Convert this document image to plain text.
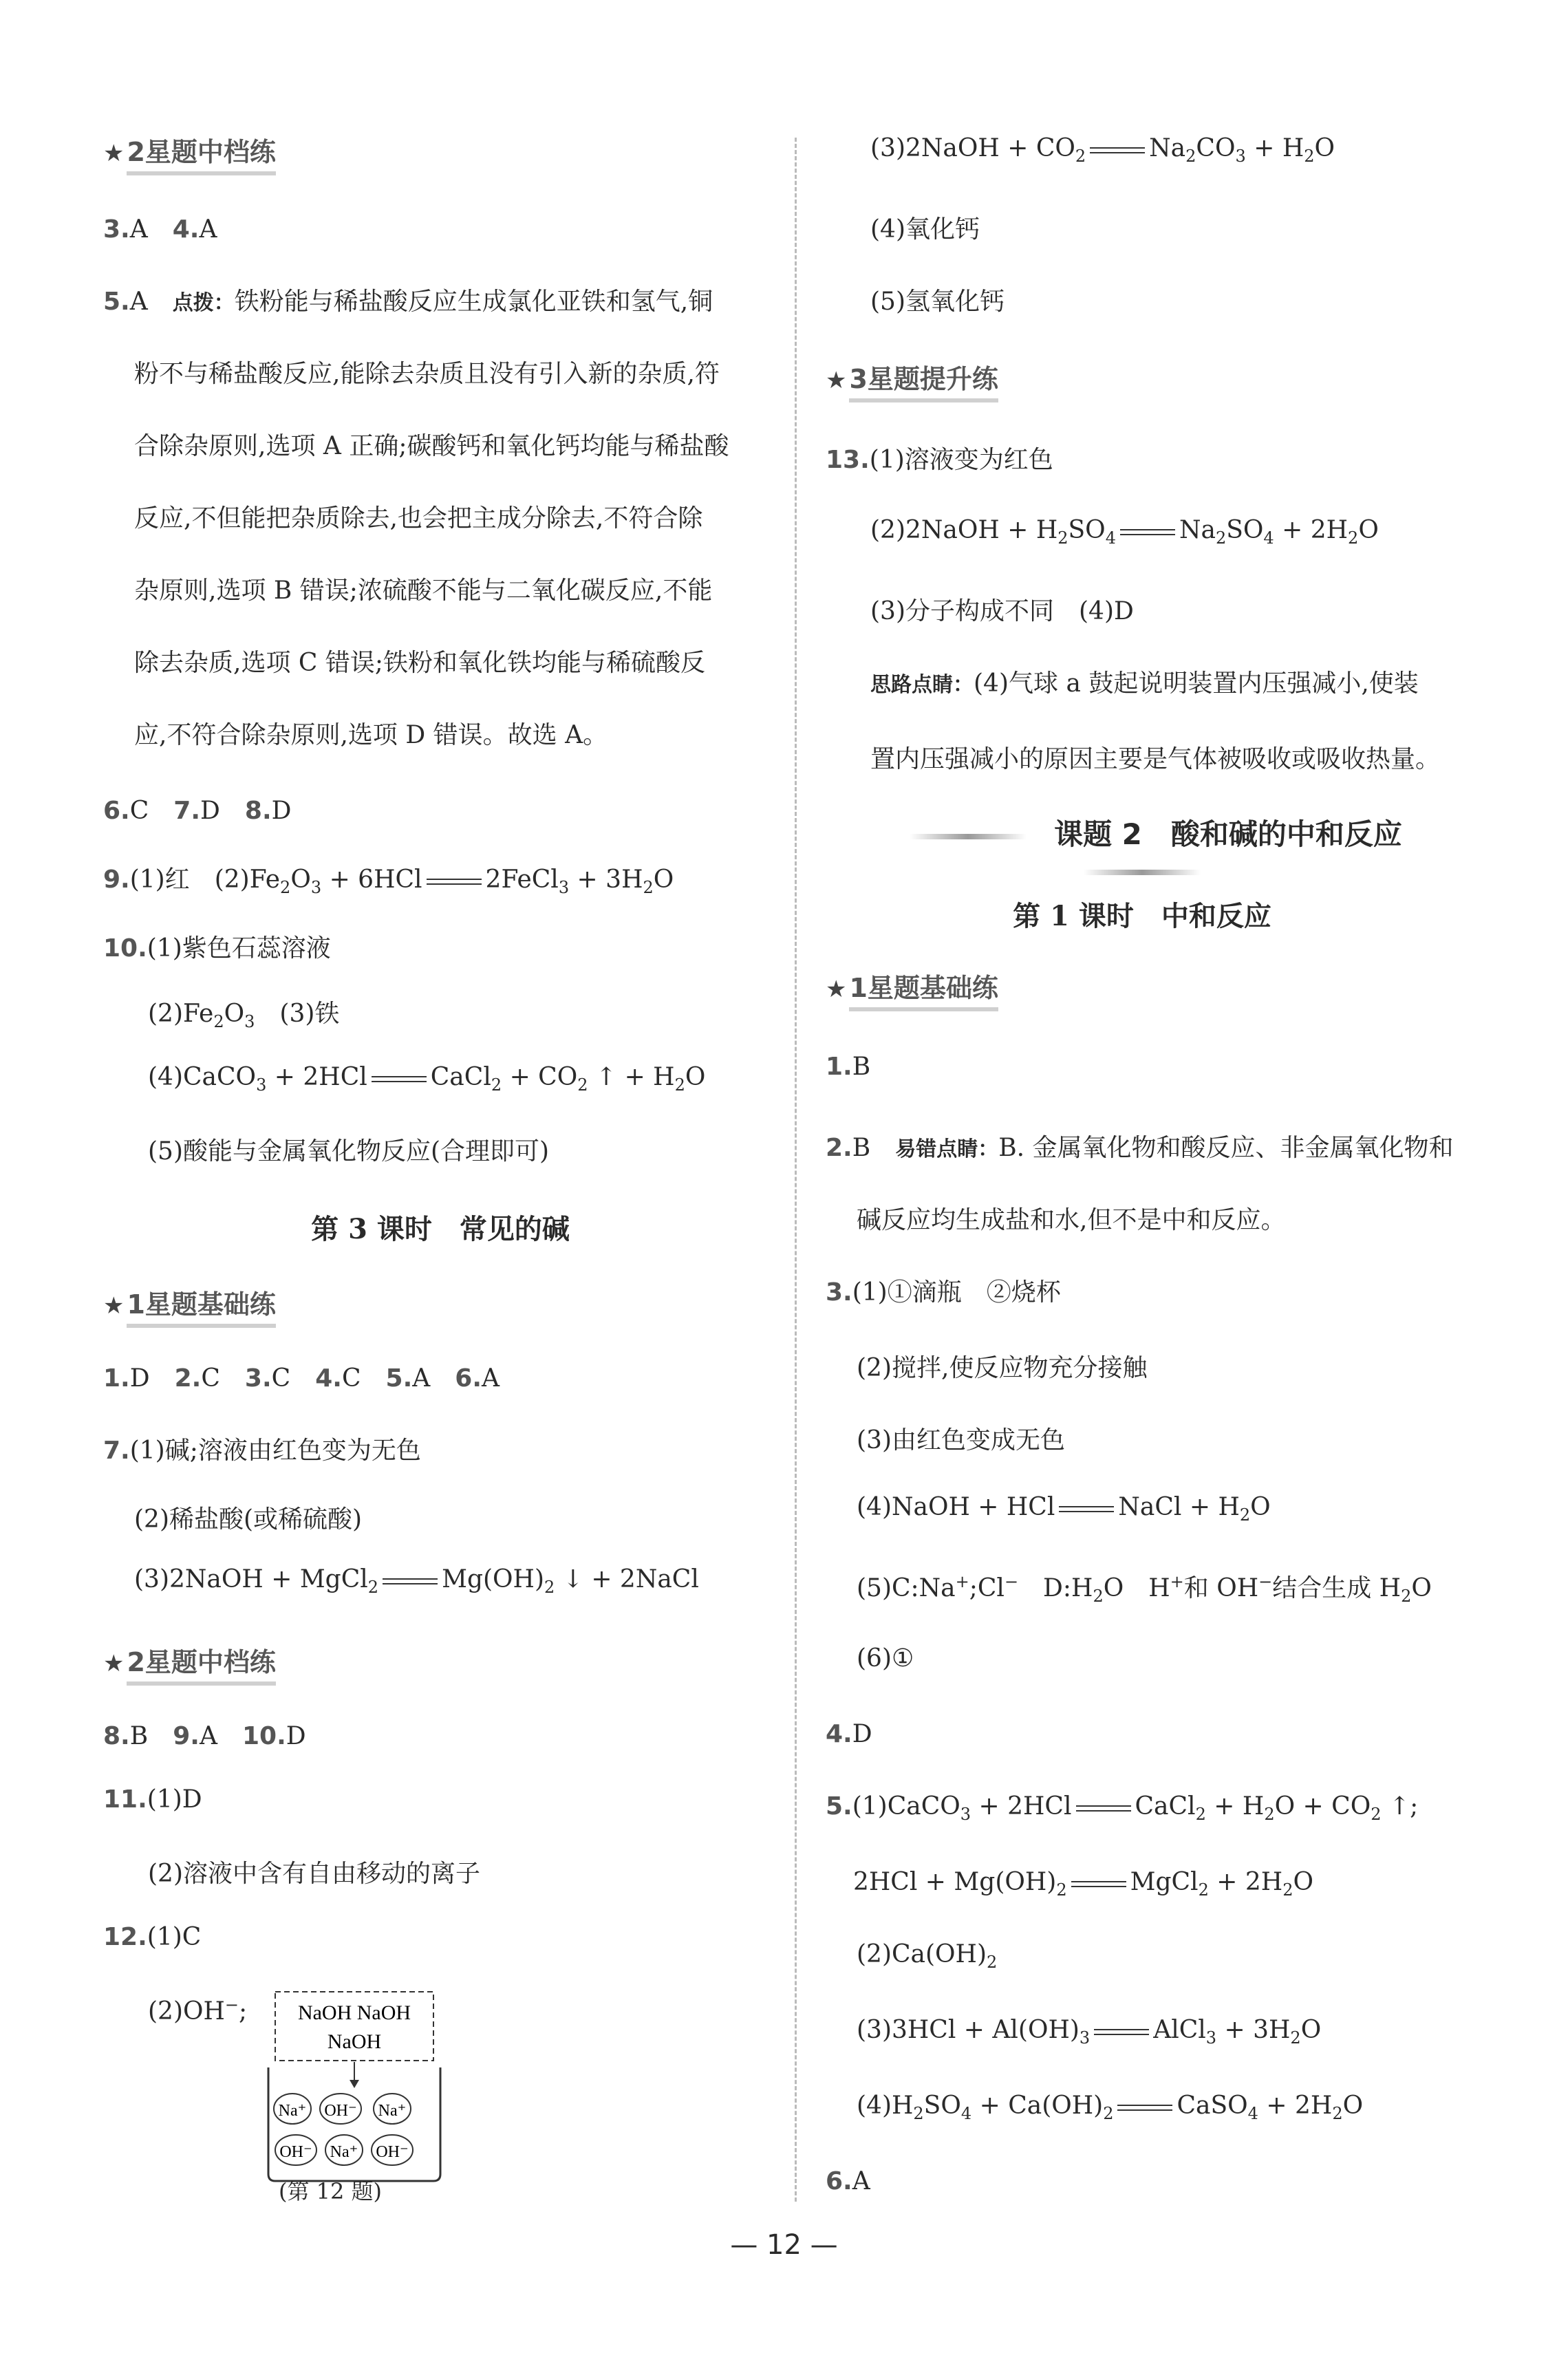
★ 2星题中档练
3.A　 4.A
5.A　点拨：铁粉能与稀盐酸反应生成氯化亚铁和氢气,铜
粉不与稀盐酸反应,能除去杂质且没有引入新的杂质,符
合除杂原则,选项 A 正确;碳酸钙和氧化钙均能与稀盐酸
反应,不但能把杂质除去,也会把主成分除去,不符合除
杂原则,选项 B 错误;浓硫酸不能与二氧化碳反应,不能
除去杂质,选项 C 错误;铁粉和氧化铁均能与稀硫酸反
应,不符合除杂原则,选项 D 错误。故选 A。
6.C　 7.D　 8.D
9.(1)红　$(2)Fe_2O_3 + 6HCl$	2FeCl$_3$ + $3H_2O$
10.(1)紫色石蕊溶液
$(2)Fe_2O_3$　 (3)铁
(4)CaCO$_3$ + 2HCl	CaCl$_2$ + $CO_2$ ↑ + $H_2O$
(5)酸能与金属氧化物反应(合理即可)
第 3 课时　常见的碱
★ 1星题基础练
1.D　 2.C　 3.C　 4.C　 5.A　 6.A
7.(1)碱;溶液由红色变为无色
(2)稀盐酸(或稀硫酸)
(3)2NaOH + MgCl$_2$	$Mg(OH)_2$ ↓ + 2NaCl
★ 2星题中档练
8.B　 9.A　 10.D
11.(1)D
(2)溶液中含有自由移动的离子
12.(1)C
(2)OH−; NaOH NaOH
NaOH
Na⁺ OH⁻ Na⁺
OH⁻ Na⁺ OH⁻
(第 12 题)
(3)2NaOH + $CO_2$	$Na_2CO_3 + H_2O$
(4)氧化钙
(5)氢氧化钙
★ 3星题提升练
13.(1)溶液变为红色
(2)2NaOH + $H_2SO_4$	$Na_2SO_4 + 2H_2O$
(3)分子构成不同　(4)D
思路点睛：(4)气球 a 鼓起说明装置内压强减小,使装
置内压强减小的原因主要是气体被吸收或吸收热量。
课题 2　酸和碱的中和反应
第 1 课时　中和反应
★ 1星题基础练
1.B
2.B　 易错点睛：B. 金属氧化物和酸反应、非金属氧化物和
碱反应均生成盐和水,但不是中和反应。
3.(1)①滴瓶　②烧杯
(2)搅拌,使反应物充分接触
(3)由红色变成无色
(4)NaOH + HCl	NaCl + $H_2O$
(5)C:Na+;Cl−　$D:H_2O$　H+和 OH−结合生成 $H_2O$
(6)①
4.D
5.(1)CaCO$_3$ + 2HCl	CaCl$_2$ + $H_2O + CO_2$ ↑;
$2HCl + Mg(OH)_2$	MgCl$_2$ + $2H_2O$
$(2)Ca(OH)_2$
$(3)3HCl + Al(OH)_3$	AlCl$_3$ + $3H_2O$
$(4)H_2SO_4 + Ca(OH)_2$	CaSO$_4$ + $2H_2O$
6.A
— 12 —
